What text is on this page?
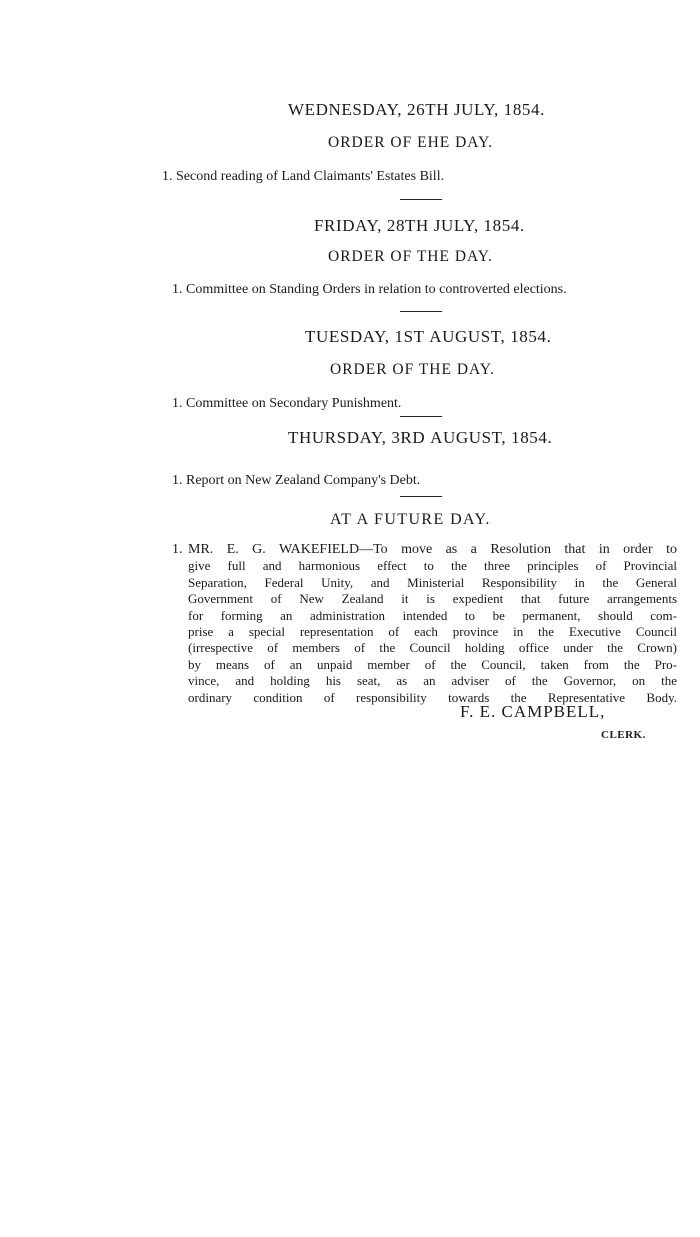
WEDNESDAY, 26TH JULY, 1854.
ORDER OF EHE DAY.
1. Second reading of Land Claimants' Estates Bill.
FRIDAY, 28TH JULY, 1854.
ORDER OF THE DAY.
1. Committee on Standing Orders in relation to controverted elections.
TUESDAY, 1ST AUGUST, 1854.
ORDER OF THE DAY.
1. Committee on Secondary Punishment.
THURSDAY, 3RD AUGUST, 1854.
1. Report on New Zealand Company's Debt.
AT A FUTURE DAY.
1. MR. E. G. WAKEFIELD—To move as a Resolution that in order to
give full and harmonious effect to the three principles of Provincial
Separation, Federal Unity, and Ministerial Responsibility in the General
Government of New Zealand it is expedient that future arrangements
for forming an administration intended to be permanent, should com-
prise a special representation of each province in the Executive Council
(irrespective of members of the Council holding office under the Crown)
by means of an unpaid member of the Council, taken from the Pro-
vince, and holding his seat, as an adviser of the Governor, on the
ordinary condition of responsibility towards the Representative Body.
F. E. CAMPBELL,
CLERK.
